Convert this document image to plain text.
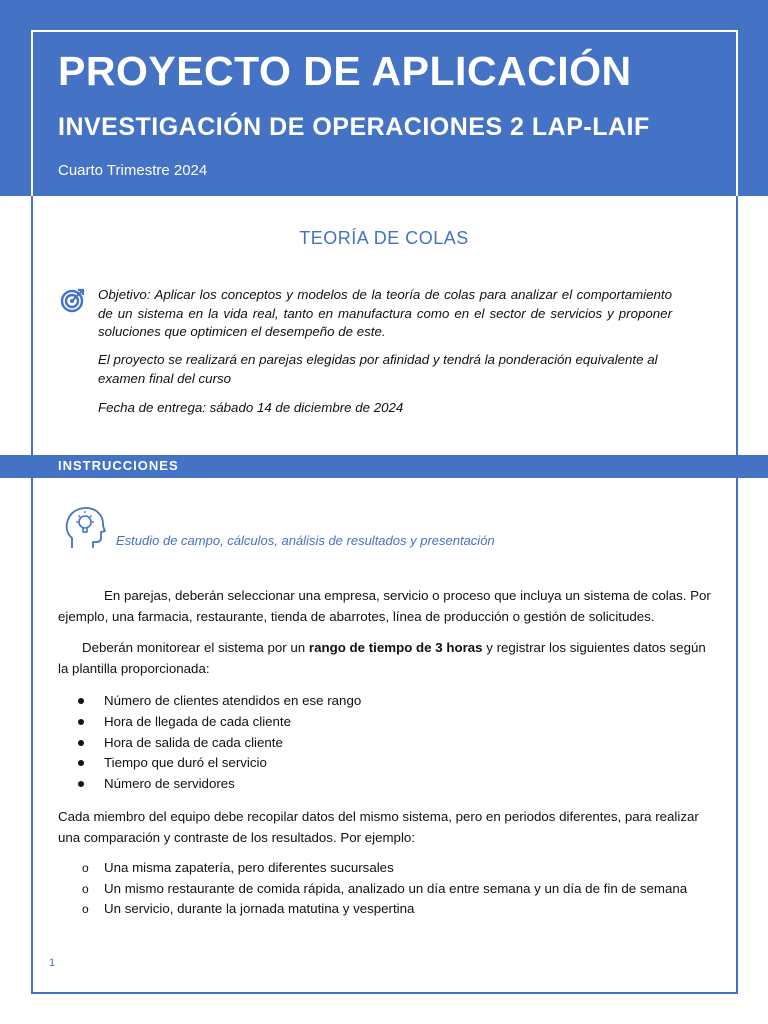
PROYECTO DE APLICACIÓN
INVESTIGACIÓN DE OPERACIONES 2 LAP-LAIF
Cuarto Trimestre 2024
TEORÍA DE COLAS
Objetivo: Aplicar los conceptos y modelos de la teoría de colas para analizar el comportamiento de un sistema en la vida real, tanto en manufactura como en el sector de servicios y proponer soluciones que optimicen el desempeño de este.
El proyecto se realizará en parejas elegidas por afinidad y tendrá la ponderación equivalente al examen final del curso
Fecha de entrega: sábado 14 de diciembre de 2024
INSTRUCCIONES
Estudio de campo, cálculos, análisis de resultados y presentación
En parejas, deberán seleccionar una empresa, servicio o proceso que incluya un sistema de colas. Por ejemplo, una farmacia, restaurante, tienda de abarrotes, línea de producción o gestión de solicitudes.
Deberán monitorear el sistema por un rango de tiempo de 3 horas y registrar los siguientes datos según la plantilla proporcionada:
Número de clientes atendidos en ese rango
Hora de llegada de cada cliente
Hora de salida de cada cliente
Tiempo que duró el servicio
Número de servidores
Cada miembro del equipo debe recopilar datos del mismo sistema, pero en periodos diferentes, para realizar una comparación y contraste de los resultados. Por ejemplo:
o Una misma zapatería, pero diferentes sucursales
o Un mismo restaurante de comida rápida, analizado un día entre semana y un día de fin de semana
o Un servicio, durante la jornada matutina y vespertina
1
